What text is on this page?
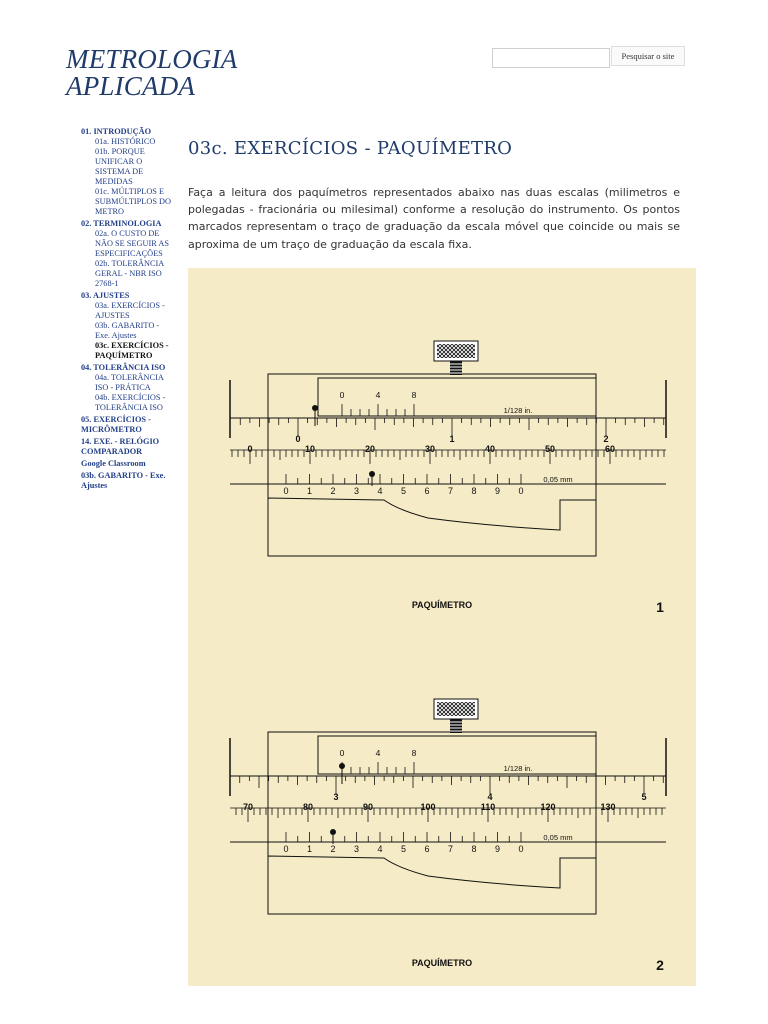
METROLOGIA
APLICADA
Pesquisar o site
01. INTRODUÇÃO
01a. HISTÓRICO
01b. PORQUE UNIFICAR O SISTEMA DE MEDIDAS
01c. MÚLTIPLOS E SUBMÚLTIPLOS DO METRO
02. TERMINOLOGIA
02a. O CUSTO DE NÃO SE SEGUIR AS ESPECIFICAÇÕES
02b. TOLERÂNCIA GERAL - NBR ISO 2768-1
03. AJUSTES
03a. EXERCÍCIOS - AJUSTES
03b. GABARITO - Exe. Ajustes
03c. EXERCÍCIOS - PAQUÍMETRO
04. TOLERÂNCIA ISO
04a. TOLERÂNCIA ISO - PRÁTICA
04b. EXERCÍCIOS - TOLERÂNCIA ISO
05. EXERCÍCIOS - MICRÔMETRO
14. EXE. - RELÓGIO COMPARADOR
Google Classroom
03b. GABARITO - Exe. Ajustes
03c. EXERCÍCIOS - PAQUÍMETRO

Faça a leitura dos paquímetros representados abaixo nas duas escalas (milimetros e polegadas - fracionária ou milesimal) conforme a resolução do instrumento. Os pontos marcados representam o traço de graduação da escala móvel que coincide ou mais se aproxima de um traço de graduação da escala fixa.

0	1	2
0	4	8
1/128 in.
0	10	20	30	40	50	60
0 1 2 3 4 5 6 7 8 9 0
0,05 mm
PAQUÍMETRO	1
3	4	5
0	4	8
1/128 in.
70	80	90	100	110	120	130
0 1 2 3 4 5 6 7 8 9 0
0,05 mm
PAQUÍMETRO	2
